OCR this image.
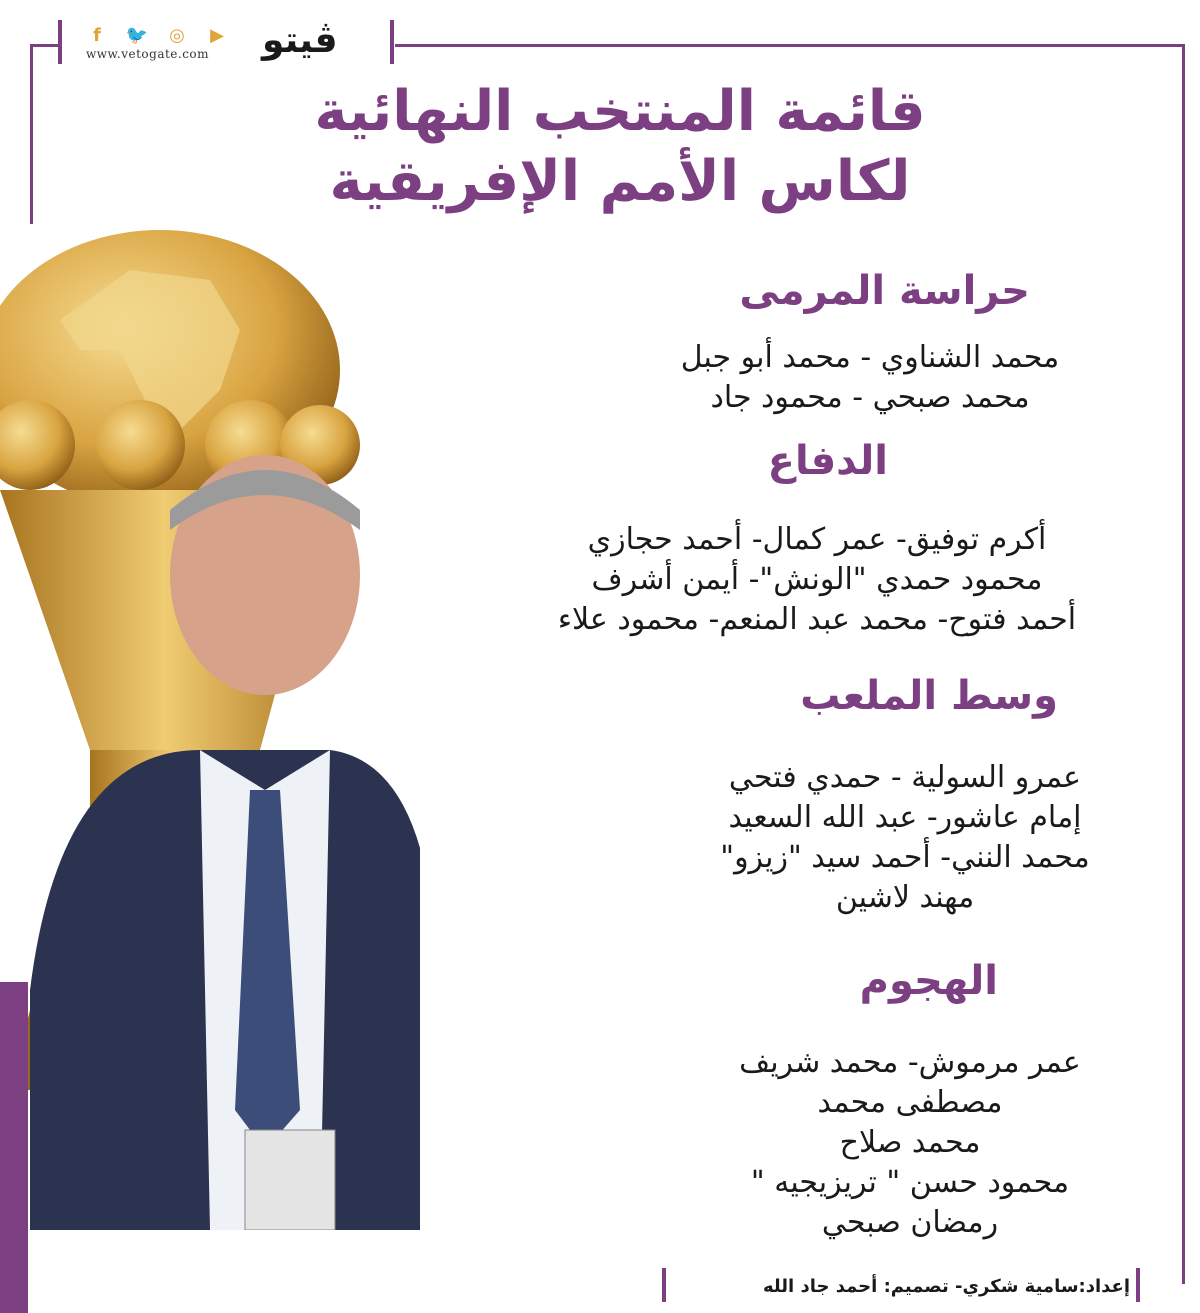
f	🐦 ◎	▶
www.vetogate.com ڤيتو
قائمة المنتخب النهائية
لكاس الأمم الإفريقية
حراسة المرمى
محمد الشناوي - محمد أبو جبل
محمد صبحي - محمود جاد
الدفاع
أكرم توفيق- عمر كمال- أحمد حجازي
محمود حمدي "الونش"- أيمن أشرف
أحمد فتوح- محمد عبد المنعم- محمود علاء
وسط الملعب
عمرو السولية - حمدي فتحي
إمام عاشور- عبد الله السعيد
محمد النني- أحمد سيد "زيزو"
مهند لاشين
الهجوم
عمر مرموش- محمد شريف
مصطفى محمد
محمد صلاح
محمود حسن " تريزيجيه "
رمضان صبحي
إعداد:سامية شكري- تصميم: أحمد جاد الله
